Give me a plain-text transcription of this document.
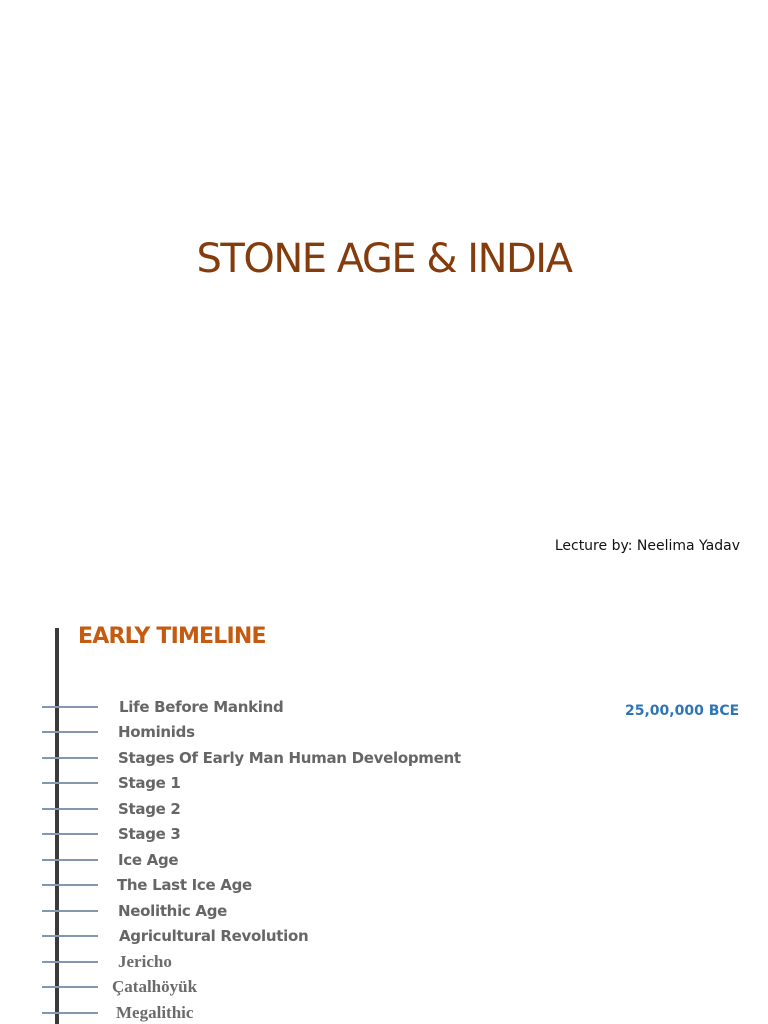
STONE AGE & INDIA
Lecture by: Neelima Yadav
EARLY TIMELINE
25,00,000 BCE
Life Before Mankind
Hominids
Stages Of Early Man Human Development
Stage 1
Stage 2
Stage 3
Ice Age
The Last Ice Age
Neolithic Age
Agricultural Revolution
Jericho
Çatalhöyük
Megalithic
